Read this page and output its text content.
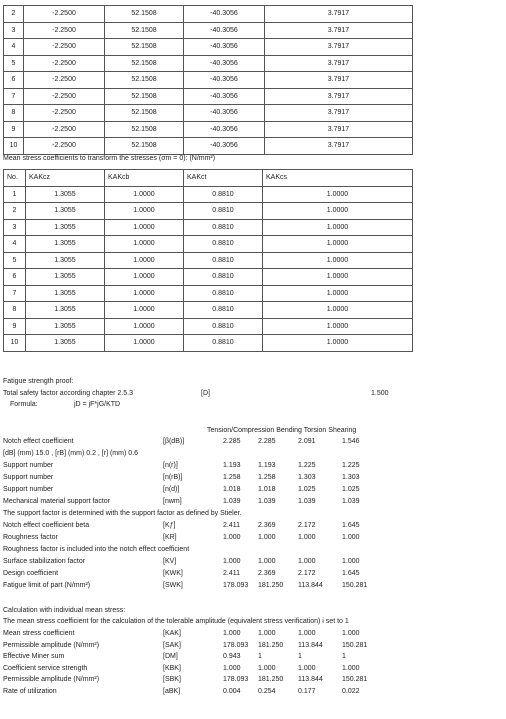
2	-2.2500	52.1508	-40.3056	3.7917
3	-2.2500	52.1508	-40.3056	3.7917
4	-2.2500	52.1508	-40.3056	3.7917
5	-2.2500	52.1508	-40.3056	3.7917
6	-2.2500	52.1508	-40.3056	3.7917
7	-2.2500	52.1508	-40.3056	3.7917
8	-2.2500	52.1508	-40.3056	3.7917
9	-2.2500	52.1508	-40.3056	3.7917
10	-2.2500	52.1508	-40.3056	3.7917
Mean stress coefficients to transform the stresses (σm = 0): (N/mm²)
No.	KAKcz	KAKcb	KAKct	KAKcs
1	1.3055	1.0000	0.8810	1.0000
2	1.3055	1.0000	0.8810	1.0000
3	1.3055	1.0000	0.8810	1.0000
4	1.3055	1.0000	0.8810	1.0000
5	1.3055	1.0000	0.8810	1.0000
6	1.3055	1.0000	0.8810	1.0000
7	1.3055	1.0000	0.8810	1.0000
8	1.3055	1.0000	0.8810	1.0000
9	1.3055	1.0000	0.8810	1.0000
10	1.3055	1.0000	0.8810	1.0000
Fatigue strength proof:
Total safety factor according chapter 2.5.3	[D]	1.500
Formula:	jD = jF*jG/KTD
Tension/Compression Bending Torsion Shearing
Notch effect coefficient	[β(dB)]	2.285 2.285	2.091	1.546
[dB] (mm) 15.0 , [rB] (mm) 0.2 , [r] (mm) 0.6
Support number	[n(r)]	1.193 1.193	1.225	1.225
Support number	[n(rB)]	1.258 1.258	1.303	1.303
Support number	[n(d)]	1.018 1.018	1.025	1.025
Mechanical material support factor	[nwm]	1.039 1.039	1.039	1.039
The support factor is determined with the support factor as defined by Stieler.
Notch effect coefficient beta	[Kƒ]	2.411	2.369	2.172	1.645
Roughness factor	[KR]	1.000 1.000	1.000	1.000
Roughness factor is included into the notch effect coefficient
Surface stabilization factor	[KV]	1.000 1.000	1.000	1.000
Design coefficient	[KWK]	2.411	2.369	2.172	1.645
Fatigue limit of part (N/mm²)	[SWK]	178.093 181.250 113.844	150.281
Calculation with individual mean stress:
The mean stress coefficient for the calculation of the tolerable amplitude (equivalent stress verification) i set to 1
Mean stress coefficient	[KAK]	1.000 1.000	1.000	1.000
Permissible amplitude (N/mm²)	[SAK]	178.093 181.250 113.844	150.281
Effective Miner sum	[DM]	0.943 1	1	1
Coefficient service strength	[KBK]	1.000 1.000	1.000	1.000
Permissible amplitude (N/mm²)	[SBK]	178.093 181.250 113.844	150.281
Rate of utilization	[aBK]	0.004 0.254	0.177	0.022
